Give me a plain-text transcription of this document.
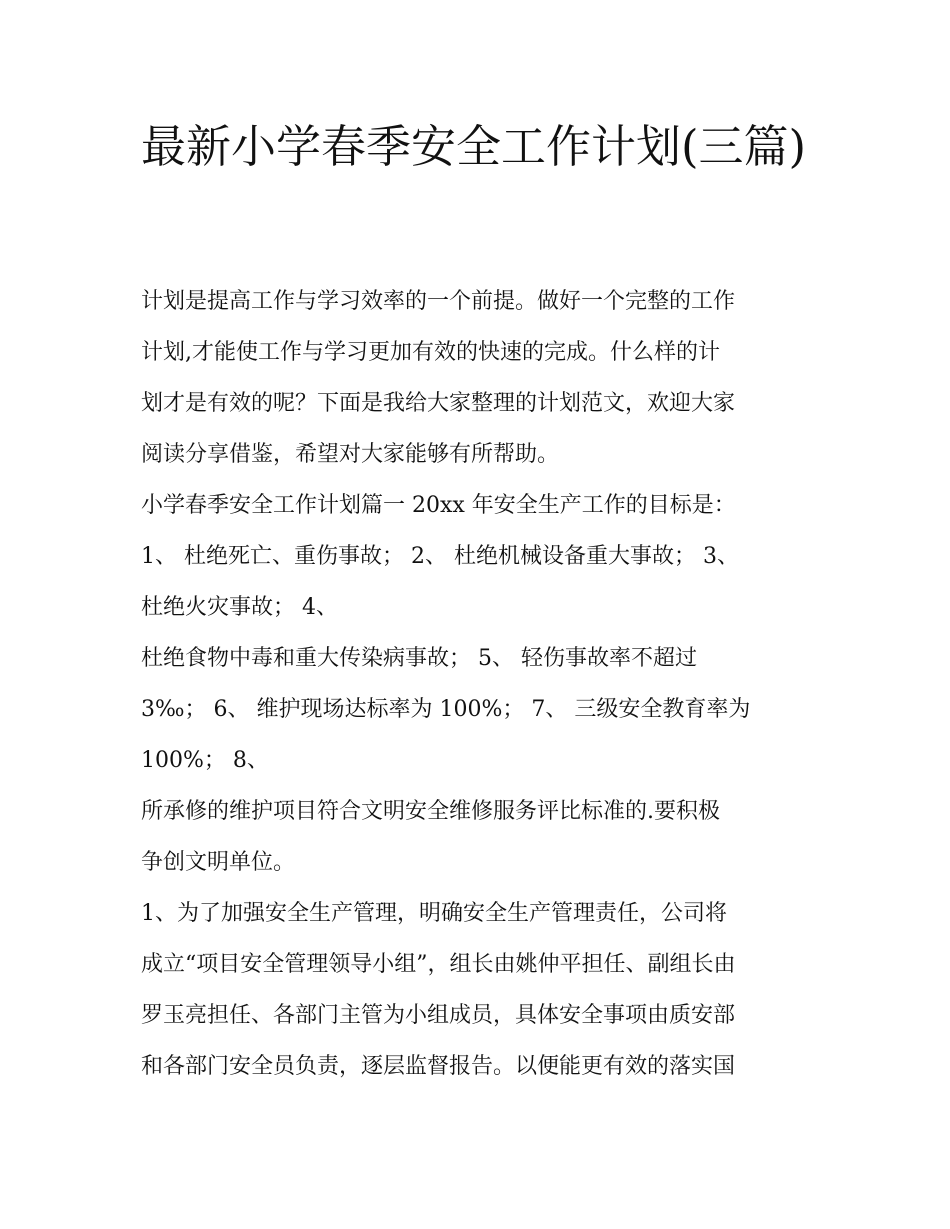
最新小学春季安全工作计划(三篇)

计划是提高工作与学习效率的一个前提。做好一个完整的工作
计划,才能使工作与学习更加有效的快速的完成。什么样的计
划才是有效的呢？下面是我给大家整理的计划范文，欢迎大家
阅读分享借鉴，希望对大家能够有所帮助。

小学春季安全工作计划篇一 20xx 年安全生产工作的目标是：
1、 杜绝死亡、重伤事故； 2、 杜绝机械设备重大事故； 3、
杜绝火灾事故； 4、

杜绝食物中毒和重大传染病事故； 5、 轻伤事故率不超过
3‰； 6、 维护现场达标率为 100%； 7、 三级安全教育率为
100%； 8、

所承修的维护项目符合文明安全维修服务评比标准的.要积极
争创文明单位。

1、为了加强安全生产管理，明确安全生产管理责任，公司将
成立“项目安全管理领导小组”，组长由姚仲平担任、副组长由
罗玉亮担任、各部门主管为小组成员，具体安全事项由质安部
和各部门安全员负责，逐层监督报告。以便能更有效的落实国
